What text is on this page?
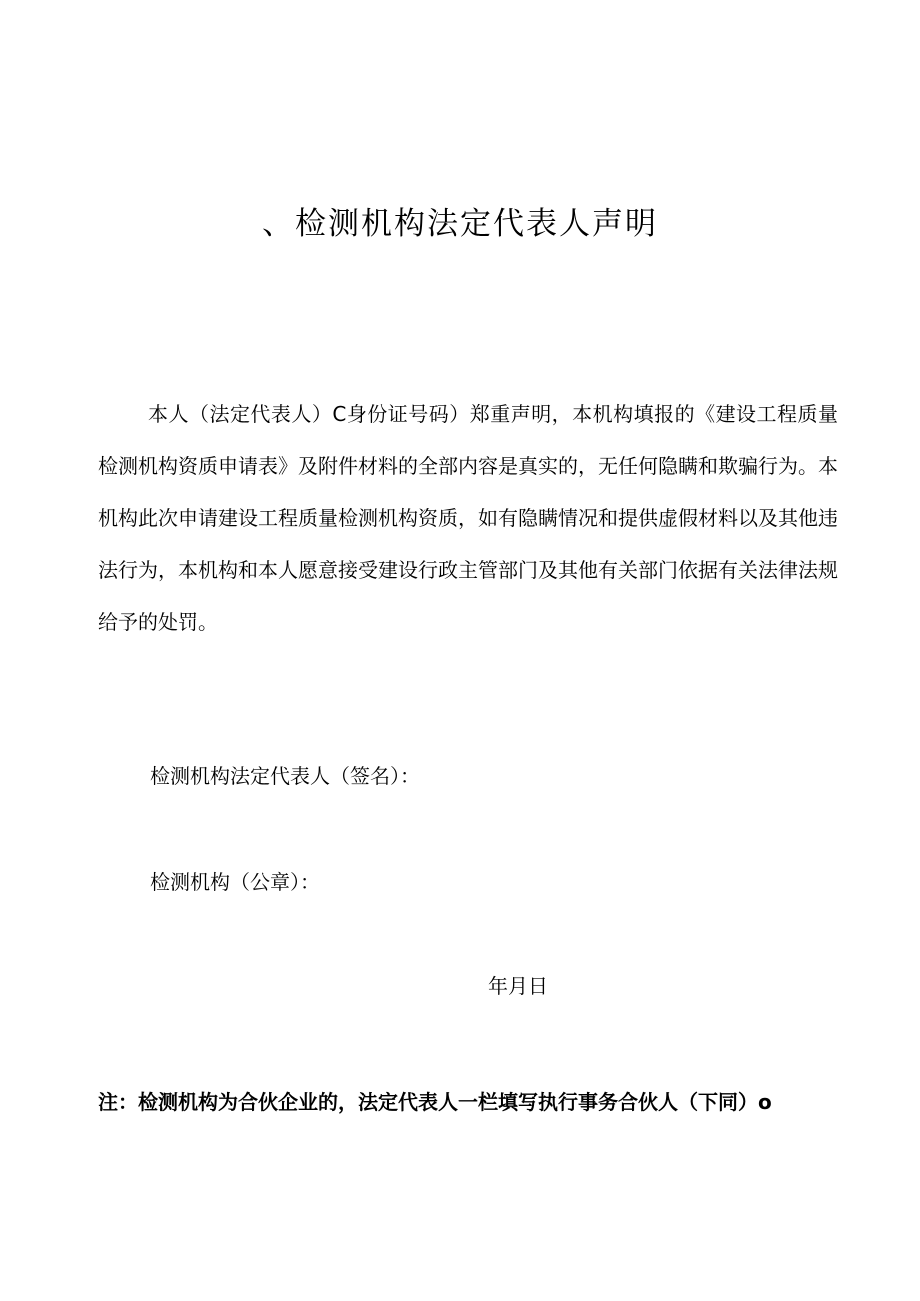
、检测机构法定代表人声明

本人（法定代表人）C身份证号码）郑重声明，本机构填报的《建设工程质量检测机构资质申请表》及附件材料的全部内容是真实的，无任何隐瞒和欺骗行为。本机构此次申请建设工程质量检测机构资质，如有隐瞒情况和提供虚假材料以及其他违法行为，本机构和本人愿意接受建设行政主管部门及其他有关部门依据有关法律法规给予的处罚。

检测机构法定代表人（签名）：
检测机构（公章）：
年月日

注：检测机构为合伙企业的，法定代表人一栏填写执行事务合伙人（下同）o
